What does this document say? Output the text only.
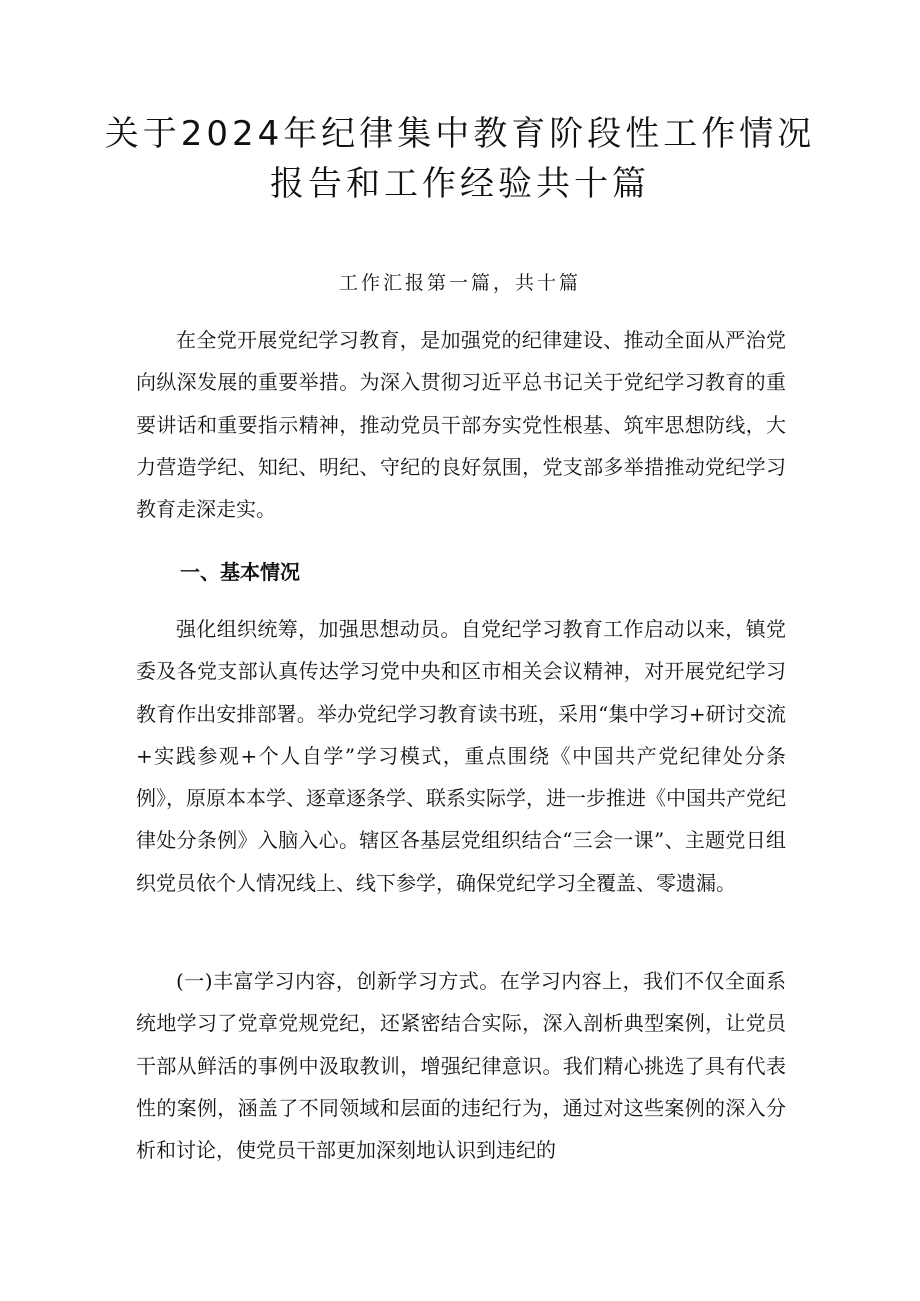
关于2024年纪律集中教育阶段性工作情况
报告和工作经验共十篇
工作汇报第一篇，共十篇

在全党开展党纪学习教育，是加强党的纪律建设、推动全面从严治党向纵深发展的重要举措。为深入贯彻习近平总书记关于党纪学习教育的重要讲话和重要指示精神，推动党员干部夯实党性根基、筑牢思想防线，大力营造学纪、知纪、明纪、守纪的良好氛围，党支部多举措推动党纪学习教育走深走实。

一、基本情况

强化组织统筹，加强思想动员。自党纪学习教育工作启动以来，镇党委及各党支部认真传达学习党中央和区市相关会议精神，对开展党纪学习教育作出安排部署。举办党纪学习教育读书班，采用“集中学习+研讨交流+实践参观+个人自学”学习模式，重点围绕《中国共产党纪律处分条例》，原原本本学、逐章逐条学、联系实际学，进一步推进《中国共产党纪律处分条例》入脑入心。辖区各基层党组织结合“三会一课”、主题党日组织党员依个人情况线上、线下参学，确保党纪学习全覆盖、零遗漏。

(一)丰富学习内容，创新学习方式。在学习内容上，我们不仅全面系统地学习了党章党规党纪，还紧密结合实际，深入剖析典型案例，让党员干部从鲜活的事例中汲取教训，增强纪律意识。我们精心挑选了具有代表性的案例，涵盖了不同领域和层面的违纪行为，通过对这些案例的深入分析和讨论，使党员干部更加深刻地认识到违纪的
